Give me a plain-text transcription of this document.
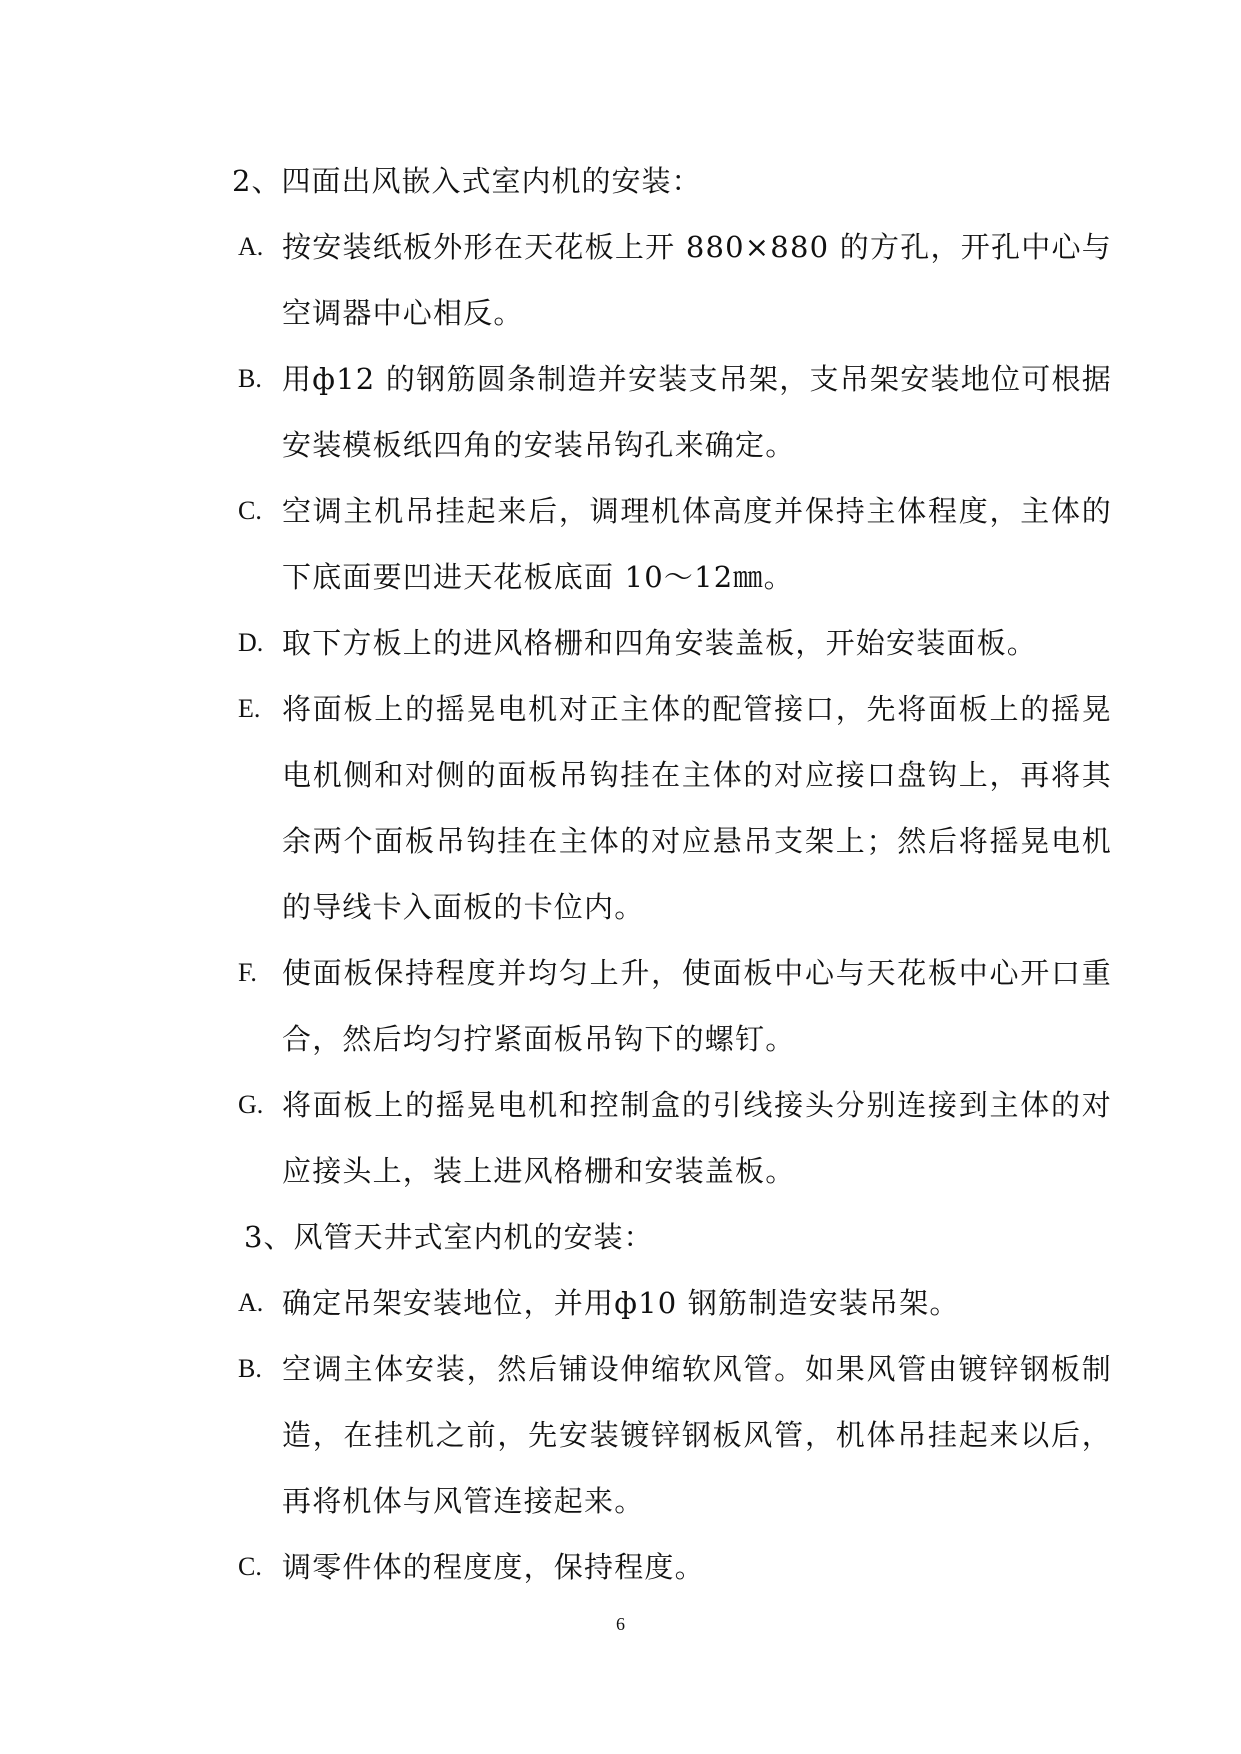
2、四面出风嵌入式室内机的安装：
A. 按安装纸板外形在天花板上开 880×880 的方孔，开孔中心与空调器中心相反。
B. 用ф12 的钢筋圆条制造并安装支吊架，支吊架安装地位可根据安装模板纸四角的安装吊钩孔来确定。
C. 空调主机吊挂起来后，调理机体高度并保持主体程度，主体的下底面要凹进天花板底面 10～12㎜。
D. 取下方板上的进风格栅和四角安装盖板，开始安装面板。
E. 将面板上的摇晃电机对正主体的配管接口，先将面板上的摇晃电机侧和对侧的面板吊钩挂在主体的对应接口盘钩上，再将其余两个面板吊钩挂在主体的对应悬吊支架上；然后将摇晃电机的导线卡入面板的卡位内。
F. 使面板保持程度并均匀上升，使面板中心与天花板中心开口重合，然后均匀拧紧面板吊钩下的螺钉。
G. 将面板上的摇晃电机和控制盒的引线接头分别连接到主体的对应接头上，装上进风格栅和安装盖板。
3、风管天井式室内机的安装：
A. 确定吊架安装地位，并用ф10 钢筋制造安装吊架。
B. 空调主体安装，然后铺设伸缩软风管。如果风管由镀锌钢板制造，在挂机之前，先安装镀锌钢板风管，机体吊挂起来以后，再将机体与风管连接起来。
C. 调零件体的程度度，保持程度。
6
